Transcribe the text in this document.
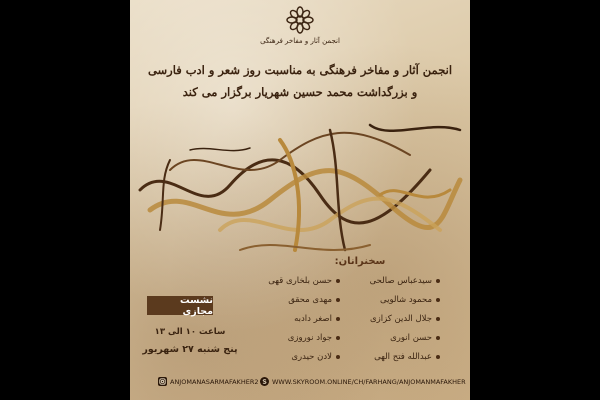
انجمن آثار و مفاخر فرهنگی
انجمن آثار و مفاخر فرهنگی به مناسبت روز شعر و ادب فارسی
و بزرگداشت محمد حسین شهریار برگزار می کند
سخنرانان:
سیدعباس صالحی
محمود شالویی
جلال الدین کزازی
حسن انوری
عبدالله فتح الهی
حسن بلخاری قهی
مهدی محقق
اصغر دادبه
جواد نوروزی
لادن حیدری
نشست مجازی
ساعت ۱۰ الی ۱۳
پنج شنبه ۲۷ شهریور
ANJOMANASARMAFAKHER2 WWW.SKYROOM.ONLINE/CH/FARHANG/ANJOMANMAFAKHER
